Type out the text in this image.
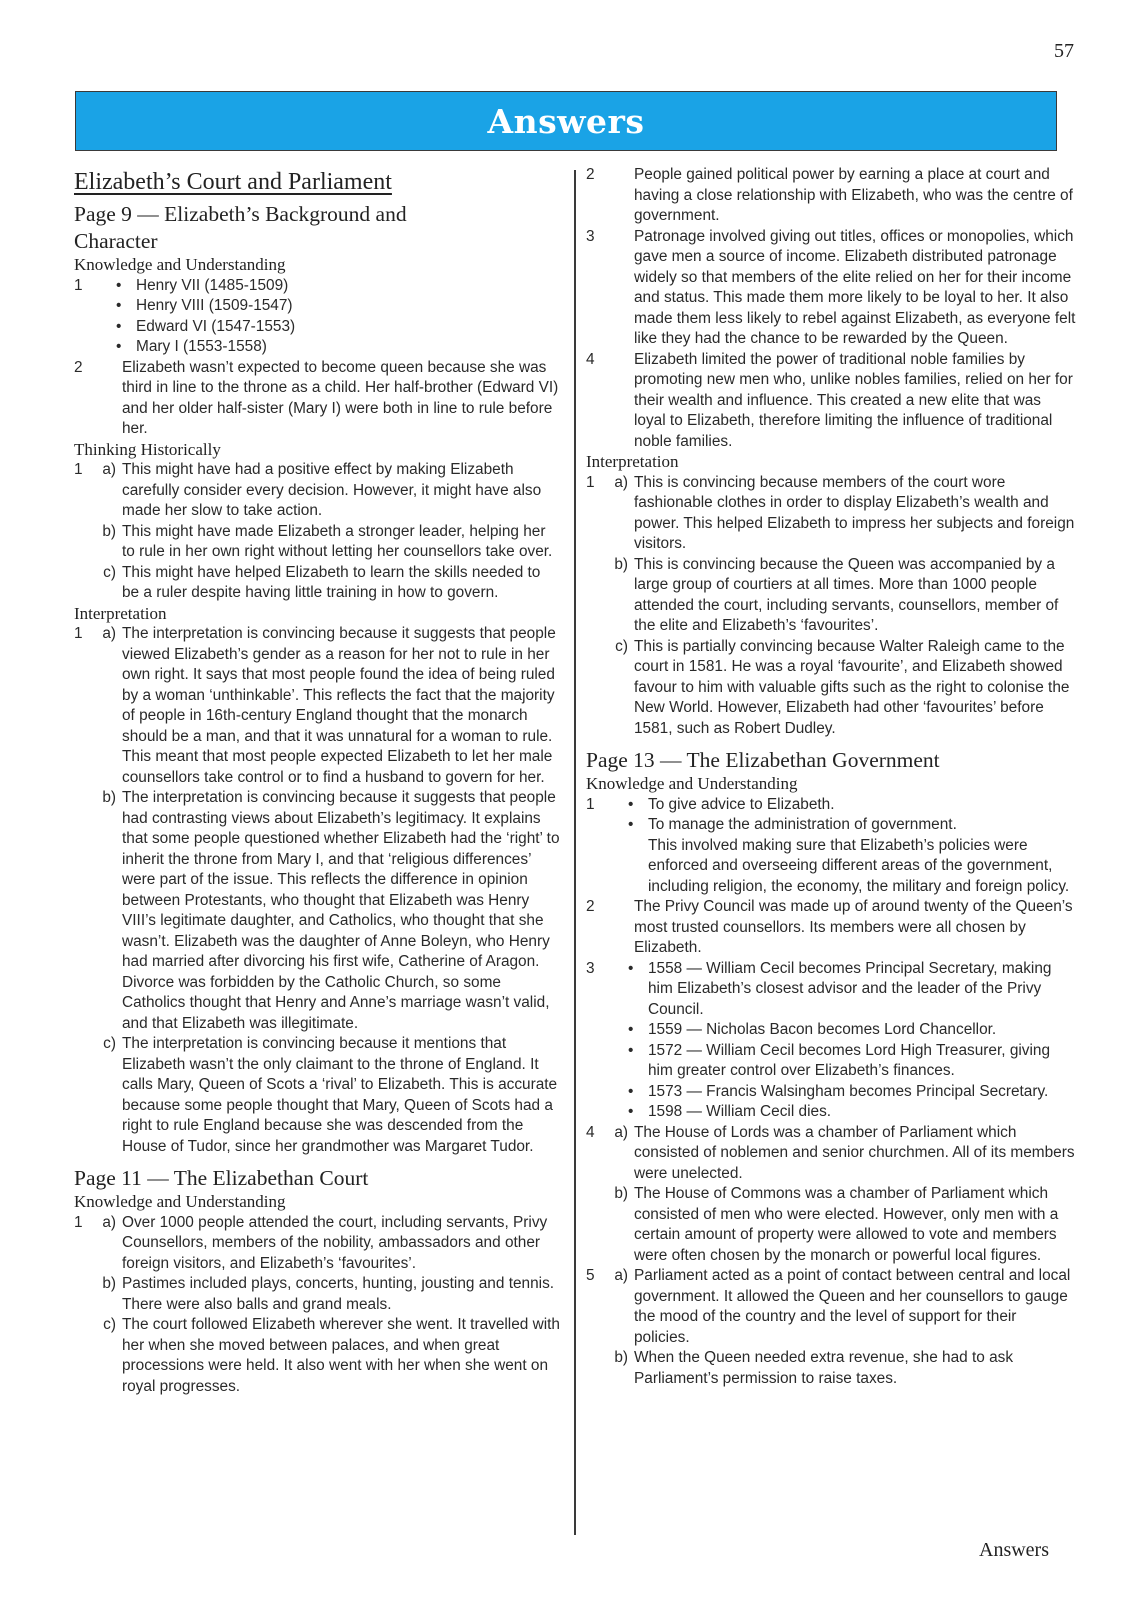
57
Answers
Elizabeth’s Court and Parliament
Page 9 — Elizabeth’s Background and
Character
Knowledge and Understanding
1	• Henry VII (1485-1509)
• Henry VIII (1509-1547)
• Edward VI (1547-1553)
• Mary I (1553-1558)
2	Elizabeth wasn’t expected to become queen because she was third in line to the throne as a child. Her half-brother (Edward VI) and her older half-sister (Mary I) were both in line to rule before her.
Thinking Historically
1	a) This might have had a positive effect by making Elizabeth carefully consider every decision. However, it might have also made her slow to take action.
b) This might have made Elizabeth a stronger leader, helping her to rule in her own right without letting her counsellors take over.
c) This might have helped Elizabeth to learn the skills needed to be a ruler despite having little training in how to govern.
Interpretation
1	a) The interpretation is convincing because it suggests that people viewed Elizabeth’s gender as a reason for her not to rule in her own right. It says that most people found the idea of being ruled by a woman ‘unthinkable’. This reflects the fact that the majority of people in 16th-century England thought that the monarch should be a man, and that it was unnatural for a woman to rule. This meant that most people expected Elizabeth to let her male counsellors take control or to find a husband to govern for her.
b) The interpretation is convincing because it suggests that people had contrasting views about Elizabeth’s legitimacy. It explains that some people questioned whether Elizabeth had the ‘right’ to inherit the throne from Mary I, and that ‘religious differences’ were part of the issue. This reflects the difference in opinion between Protestants, who thought that Elizabeth was Henry VIII’s legitimate daughter, and Catholics, who thought that she wasn’t. Elizabeth was the daughter of Anne Boleyn, who Henry had married after divorcing his first wife, Catherine of Aragon. Divorce was forbidden by the Catholic Church, so some Catholics thought that Henry and Anne’s marriage wasn’t valid, and that Elizabeth was illegitimate.
c) The interpretation is convincing because it mentions that Elizabeth wasn’t the only claimant to the throne of England. It calls Mary, Queen of Scots a ‘rival’ to Elizabeth. This is accurate because some people thought that Mary, Queen of Scots had a right to rule England because she was descended from the House of Tudor, since her grandmother was Margaret Tudor.
Page 11 — The Elizabethan Court
Knowledge and Understanding
1	a) Over 1000 people attended the court, including servants, Privy Counsellors, members of the nobility, ambassadors and other foreign visitors, and Elizabeth’s ‘favourites’.
b) Pastimes included plays, concerts, hunting, jousting and tennis. There were also balls and grand meals.
c) The court followed Elizabeth wherever she went. It travelled with her when she moved between palaces, and when great processions were held. It also went with her when she went on royal progresses.
2	People gained political power by earning a place at court and having a close relationship with Elizabeth, who was the centre of government.
3	Patronage involved giving out titles, offices or monopolies, which gave men a source of income. Elizabeth distributed patronage widely so that members of the elite relied on her for their income and status. This made them more likely to be loyal to her. It also made them less likely to rebel against Elizabeth, as everyone felt like they had the chance to be rewarded by the Queen.
4	Elizabeth limited the power of traditional noble families by promoting new men who, unlike nobles families, relied on her for their wealth and influence. This created a new elite that was loyal to Elizabeth, therefore limiting the influence of traditional noble families.
Interpretation
1	a) This is convincing because members of the court wore fashionable clothes in order to display Elizabeth’s wealth and power. This helped Elizabeth to impress her subjects and foreign visitors.
b) This is convincing because the Queen was accompanied by a large group of courtiers at all times. More than 1000 people attended the court, including servants, counsellors, member of the elite and Elizabeth’s ‘favourites’.
c) This is partially convincing because Walter Raleigh came to the court in 1581. He was a royal ‘favourite’, and Elizabeth showed favour to him with valuable gifts such as the right to colonise the New World. However, Elizabeth had other ‘favourites’ before 1581, such as Robert Dudley.
Page 13 — The Elizabethan Government
Knowledge and Understanding
1	• To give advice to Elizabeth.
• To manage the administration of government.
This involved making sure that Elizabeth’s policies were enforced and overseeing different areas of the government, including religion, the economy, the military and foreign policy.
2	The Privy Council was made up of around twenty of the Queen’s most trusted counsellors. Its members were all chosen by Elizabeth.
3	• 1558 — William Cecil becomes Principal Secretary, making him Elizabeth’s closest advisor and the leader of the Privy Council.
• 1559 — Nicholas Bacon becomes Lord Chancellor.
• 1572 — William Cecil becomes Lord High Treasurer, giving him greater control over Elizabeth’s finances.
• 1573 — Francis Walsingham becomes Principal Secretary.
• 1598 — William Cecil dies.
4	a) The House of Lords was a chamber of Parliament which consisted of noblemen and senior churchmen. All of its members were unelected.
b) The House of Commons was a chamber of Parliament which consisted of men who were elected. However, only men with a certain amount of property were allowed to vote and members were often chosen by the monarch or powerful local figures.
5	a) Parliament acted as a point of contact between central and local government. It allowed the Queen and her counsellors to gauge the mood of the country and the level of support for their policies.
b) When the Queen needed extra revenue, she had to ask Parliament’s permission to raise taxes.
Answers
